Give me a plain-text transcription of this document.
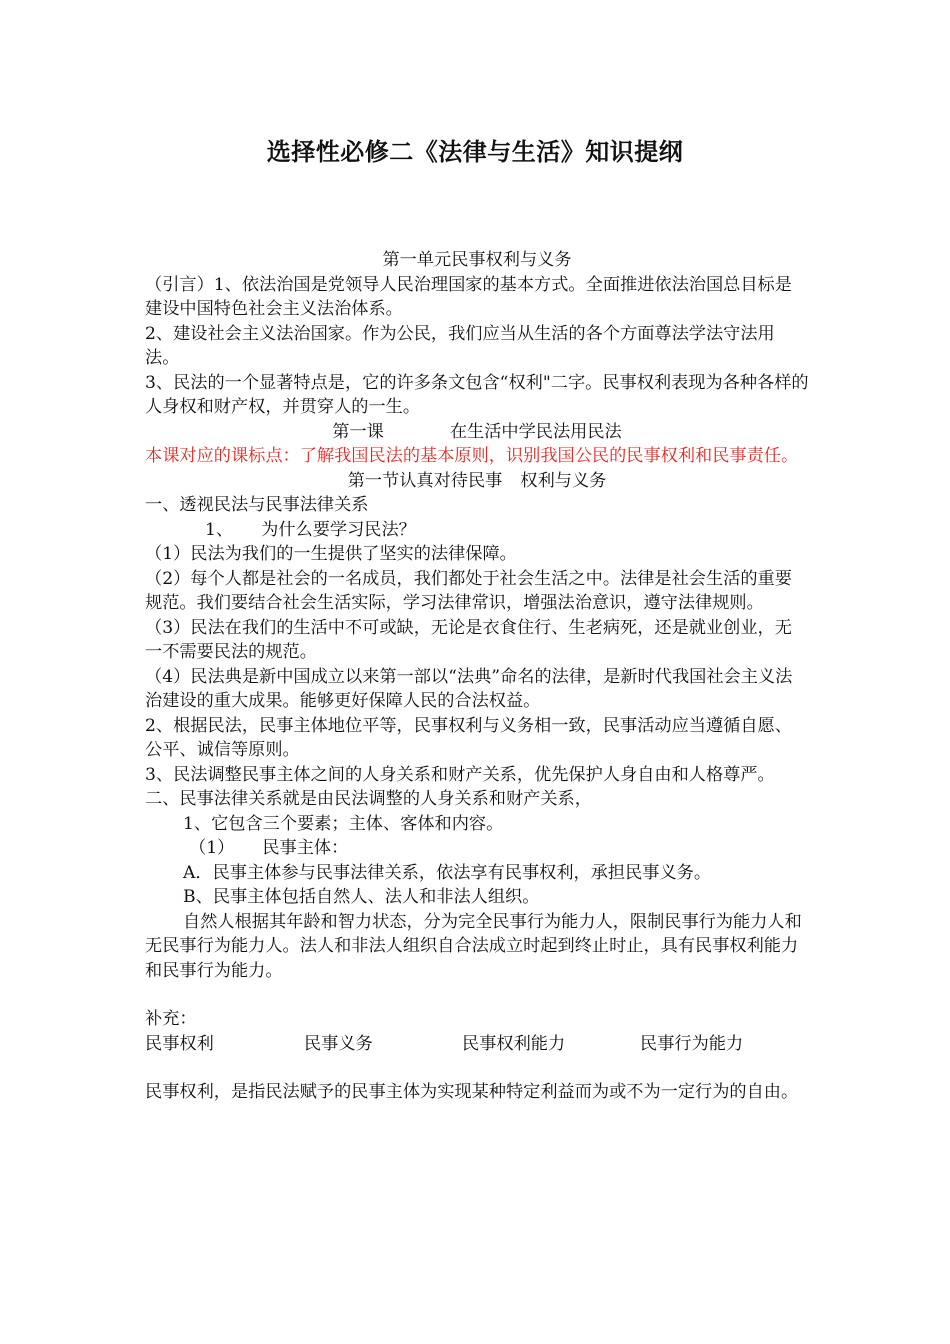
选择性必修二《法律与生活》知识提纲

第一单元民事权利与义务

（引言）1、依法治国是党领导人民治理国家的基本方式。全面推进依法治国总目标是建设中国特色社会主义法治体系。

2、建设社会主义法治国家。作为公民，我们应当从生活的各个方面尊法学法守法用法。

3、民法的一个显著特点是，它的许多条文包含“权利"二字。民事权利表现为各种各样的人身权和财产权，并贯穿人的一生。

第一课	在生活中学民法用民法

本课对应的课标点：了解我国民法的基本原则，识别我国公民的民事权利和民事责任。

第一节认真对待民事 权利与义务

一、透视民法与民事法律关系

1、 为什么要学习民法？

（1）民法为我们的一生提供了坚实的法律保障。

（2）每个人都是社会的一名成员，我们都处于社会生活之中。法律是社会生活的重要规范。我们要结合社会生活实际，学习法律常识，增强法治意识，遵守法律规则。

（3）民法在我们的生活中不可或缺，无论是衣食住行、生老病死，还是就业创业，无一不需要民法的规范。

（4）民法典是新中国成立以来第一部以“法典”命名的法律，是新时代我国社会主义法治建设的重大成果。能够更好保障人民的合法权益。

2、根据民法，民事主体地位平等，民事权利与义务相一致，民事活动应当遵循自愿、公平、诚信等原则。

3、民法调整民事主体之间的人身关系和财产关系，优先保护人身自由和人格尊严。

二、民事法律关系就是由民法调整的人身关系和财产关系，

1、它包含三个要素；主体、客体和内容。

（1） 民事主体：

A．民事主体参与民事法律关系，依法享有民事权利，承担民事义务。

B、民事主体包括自然人、法人和非法人组织。

自然人根据其年龄和智力状态，分为完全民事行为能力人，限制民事行为能力人和无民事行为能力人。法人和非法人组织自合法成立时起到终止时止，具有民事权利能力和民事行为能力。

补充：

民事权利	民事义务	民事权利能力	民事行为能力

民事权利，是指民法赋予的民事主体为实现某种特定利益而为或不为一定行为的自由。
